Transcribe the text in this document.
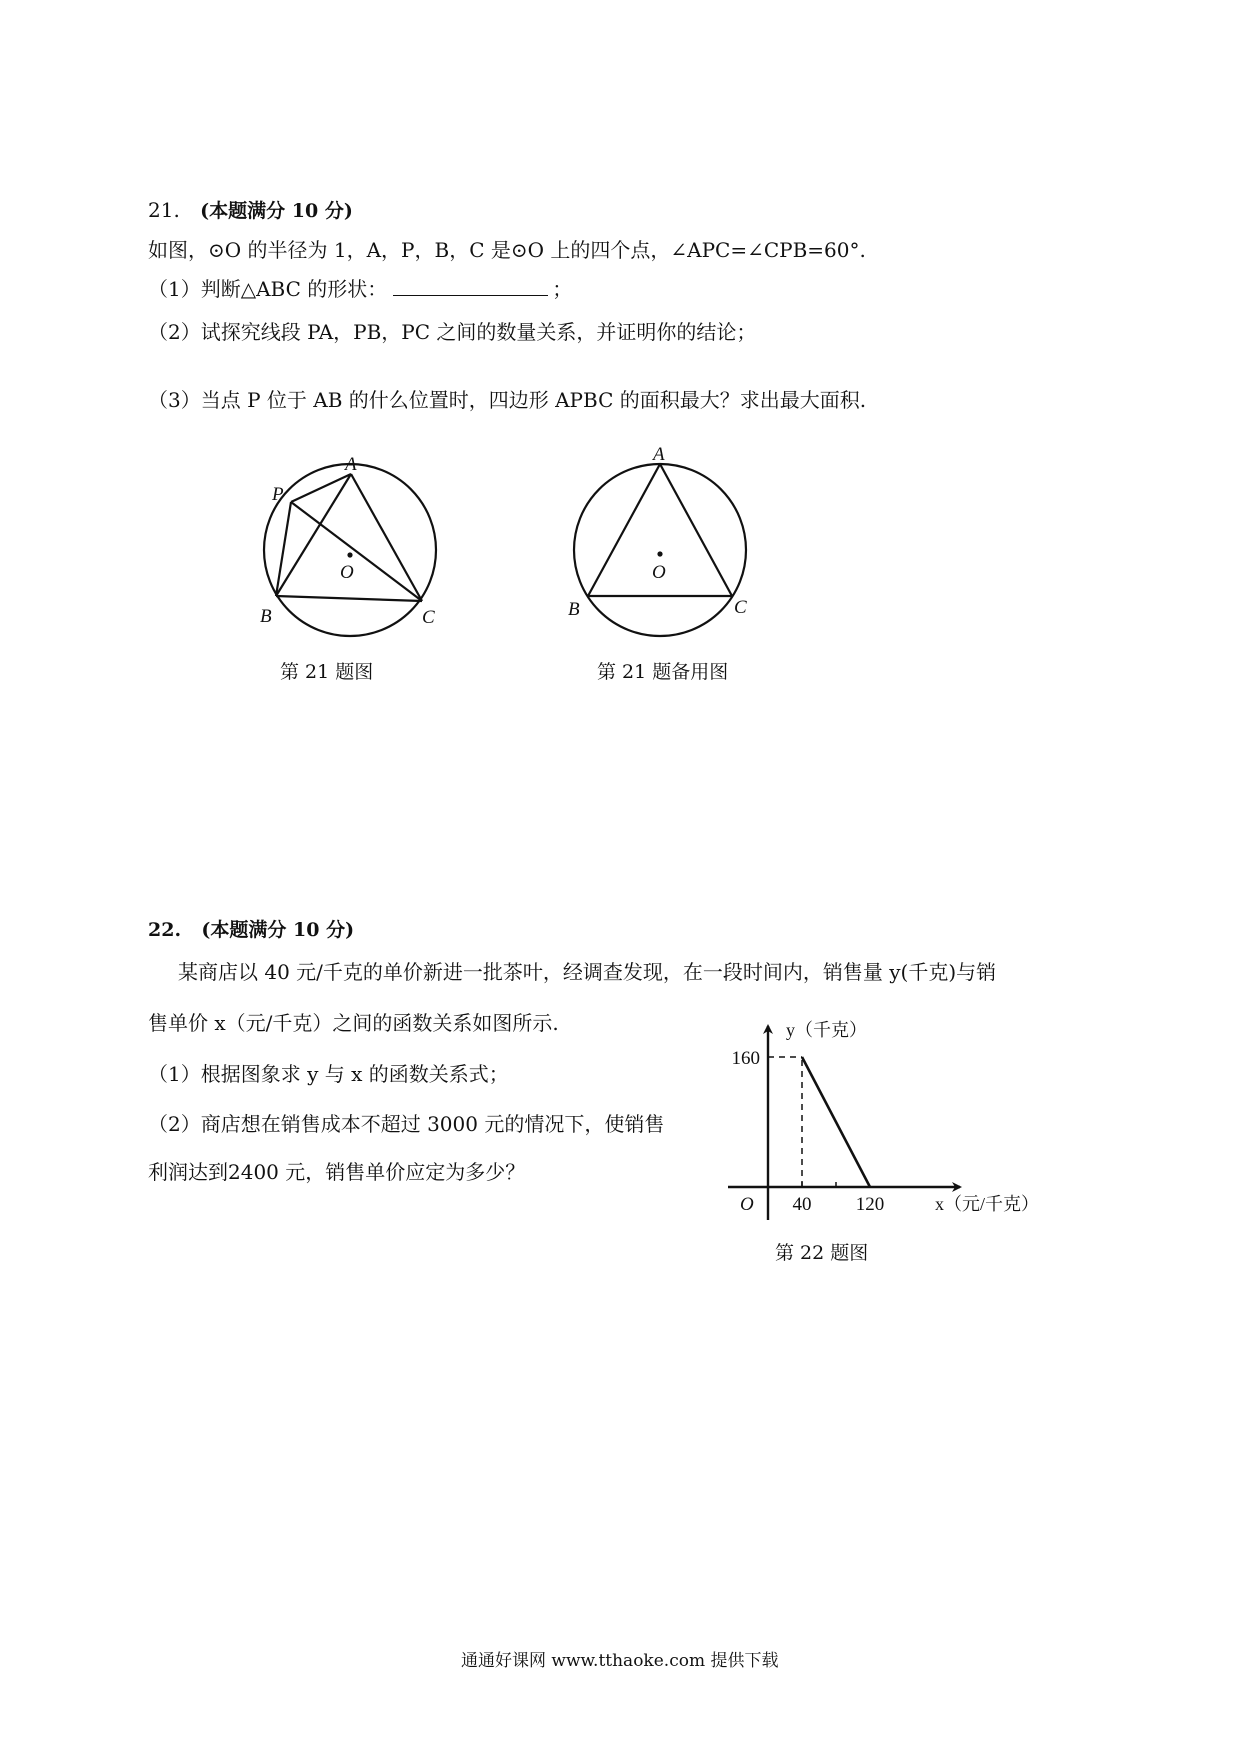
21. (本题满分 10 分)
如图，⊙O 的半径为 1，A，P，B，C 是⊙O 上的四个点，∠APC=∠CPB=60°.
（1）判断△ABC 的形状：	；
（2）试探究线段 PA，PB，PC 之间的数量关系，并证明你的结论；
（3）当点 P 位于 AB 的什么位置时，四边形 APBC 的面积最大？求出最大面积.
A
P
O
B	C
第 21 题图
A
O
B	C
第 21 题备用图
22. (本题满分 10 分)
某商店以 40 元/千克的单价新进一批茶叶，经调查发现，在一段时间内，销售量 y(千克)与销
售单价 x（元/千克）之间的函数关系如图所示.
（1）根据图象求 y 与 x 的函数关系式；
（2）商店想在销售成本不超过 3000 元的情况下，使销售
利润达到2400 元，销售单价应定为多少？
160
40 120
O
y（千克）
x（元/千克）
第 22 题图
通通好课网 www.tthaoke.com 提供下载
